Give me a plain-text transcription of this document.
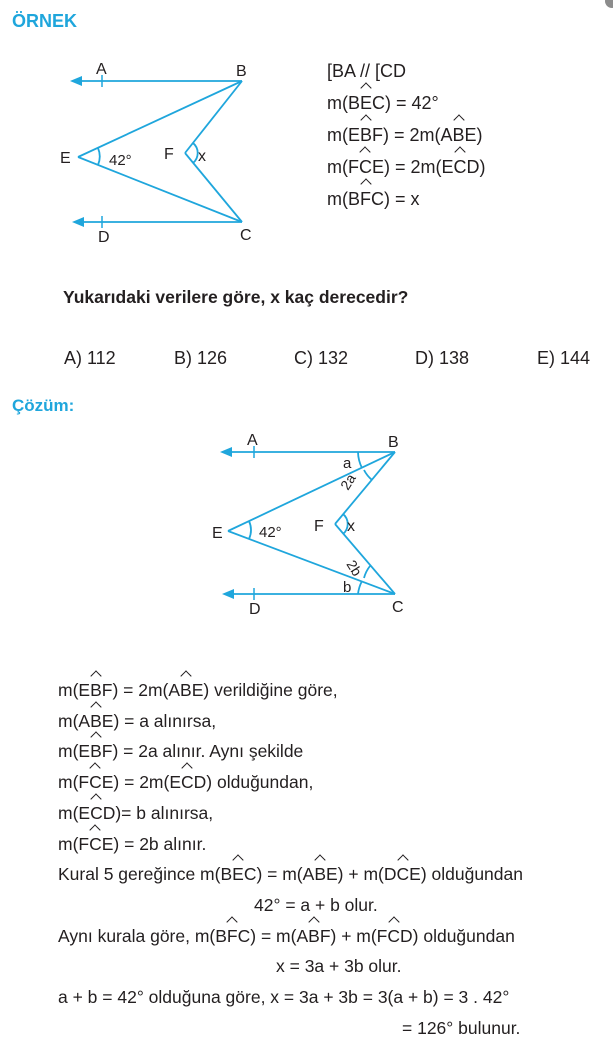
ÖRNEK
A	B
C
D
E	F x
42°
[BA // [CD
m(BEC) = 42°
m(EBF) = 2m(ABE)
m(FCE) = 2m(ECD)
m(BFC) = x
Yukarıdaki verilere göre, x kaç derecedir?
A) 112	B) 126	C) 132	D) 138	E) 144
Çözüm:
A	B
C
D
E	F x
42°
a
2a
2b
b
m(EBF) = 2m(ABE) verildiğine göre,
m(ABE) = a alınırsa,
m(EBF) = 2a alınır. Aynı şekilde
m(FCE) = 2m(ECD) olduğundan,
m(ECD)= b alınırsa,
m(FCE) = 2b alınır.
Kural 5 gereğince m(BEC) = m(ABE) + m(DCE) olduğundan
42° = a + b olur.
Aynı kurala göre, m(BFC) = m(ABF) + m(FCD) olduğundan
x = 3a + 3b olur.
a + b = 42° olduğuna göre, x = 3a + 3b = 3(a + b) = 3 . 42°
= 126° bulunur.
